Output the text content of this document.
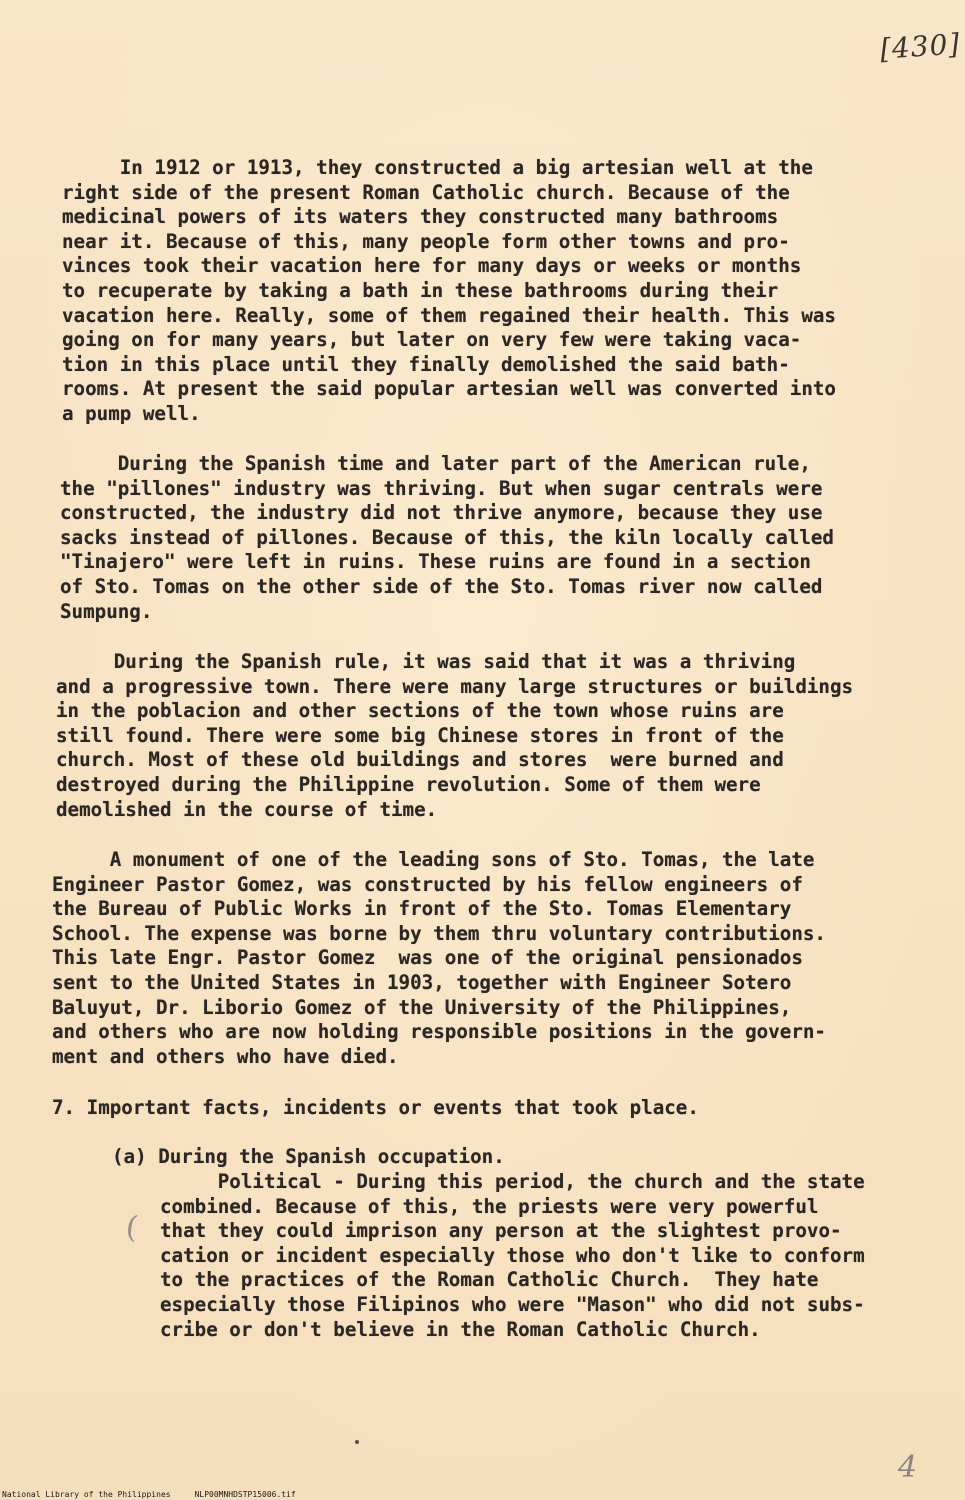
[430]
In 1912 or 1913, they constructed a big artesian well at the
right side of the present Roman Catholic church. Because of the
medicinal powers of its waters they constructed many bathrooms
near it. Because of this, many people form other towns and pro-
vinces took their vacation here for many days or weeks or months
to recuperate by taking a bath in these bathrooms during their
vacation here. Really, some of them regained their health. This was
going on for many years, but later on very few were taking vaca-
tion in this place until they finally demolished the said bath-
rooms. At present the said popular artesian well was converted into
a pump well.
During the Spanish time and later part of the American rule,
the "pillones" industry was thriving. But when sugar centrals were
constructed, the industry did not thrive anymore, because they use
sacks instead of pillones. Because of this, the kiln locally called
"Tinajero" were left in ruins. These ruins are found in a section
of Sto. Tomas on the other side of the Sto. Tomas river now called
Sumpung.
During the Spanish rule, it was said that it was a thriving
and a progressive town. There were many large structures or buildings
in the poblacion and other sections of the town whose ruins are
still found. There were some big Chinese stores in front of the
church. Most of these old buildings and stores  were burned and
destroyed during the Philippine revolution. Some of them were
demolished in the course of time.
A monument of one of the leading sons of Sto. Tomas, the late
Engineer Pastor Gomez, was constructed by his fellow engineers of
the Bureau of Public Works in front of the Sto. Tomas Elementary
School. The expense was borne by them thru voluntary contributions.
This late Engr. Pastor Gomez  was one of the original pensionados
sent to the United States in 1903, together with Engineer Sotero
Baluyut, Dr. Liborio Gomez of the University of the Philippines,
and others who are now holding responsible positions in the govern-
ment and others who have died.
7. Important facts, incidents or events that took place.
(a) During the Spanish occupation.
Political - During this period, the church and the state
combined. Because of this, the priests were very powerful
that they could imprison any person at the slightest provo-
cation or incident especially those who don't like to conform
to the practices of the Roman Catholic Church.  They hate
especially those Filipinos who were "Mason" who did not subs-
cribe or don't believe in the Roman Catholic Church.
(
4
National Library of the Philippines	NLP00MNHDSTP15006.tif
